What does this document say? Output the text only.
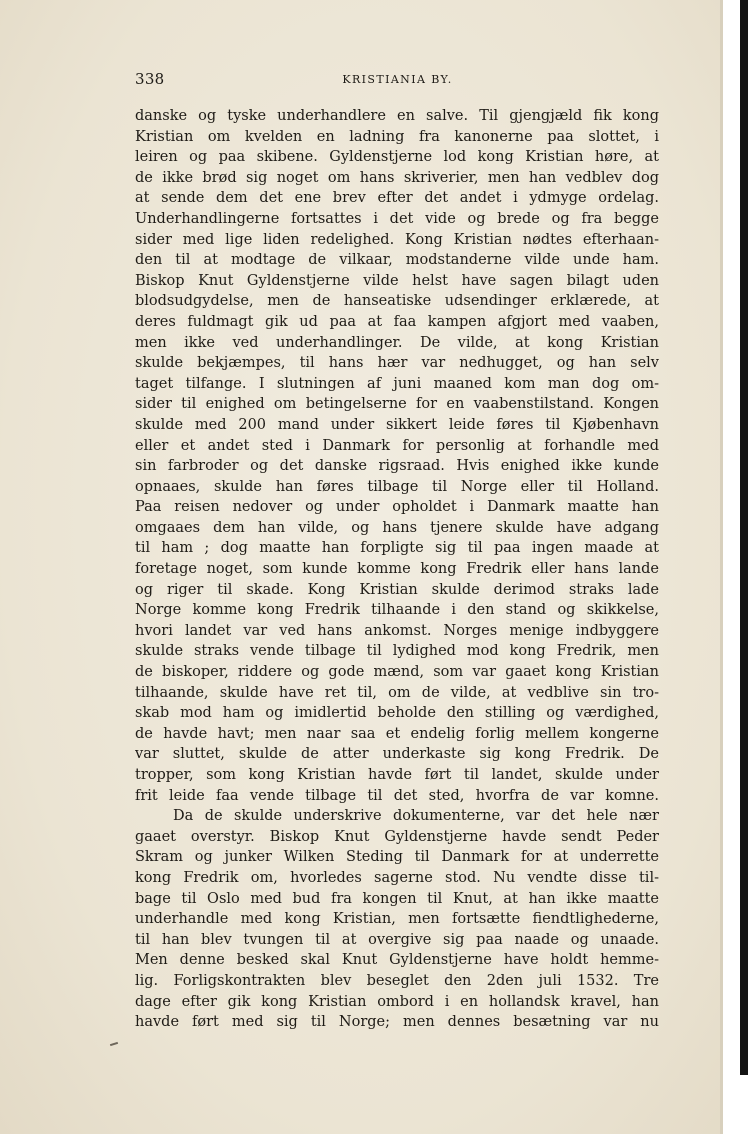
338	KRISTIANIA BY.
danske og tyske underhandlere en salve. Til gjengjæld fik kong
Kristian om kvelden en ladning fra kanonerne paa slottet, i
leiren og paa skibene. Gyldenstjerne lod kong Kristian høre, at
de ikke brød sig noget om hans skriverier, men han vedblev dog
at sende dem det ene brev efter det andet i ydmyge ordelag.
Underhandlingerne fortsattes i det vide og brede og fra begge
sider med lige liden redelighed. Kong Kristian nødtes efterhaan-
den til at modtage de vilkaar, modstanderne vilde unde ham.
Biskop Knut Gyldenstjerne vilde helst have sagen bilagt uden
blodsudgydelse, men de hanseatiske udsendinger erklærede, at
deres fuldmagt gik ud paa at faa kampen afgjort med vaaben,
men ikke ved underhandlinger. De vilde, at kong Kristian
skulde bekjæmpes, til hans hær var nedhugget, og han selv
taget tilfange. I slutningen af juni maaned kom man dog om-
sider til enighed om betingelserne for en vaabenstilstand. Kongen
skulde med 200 mand under sikkert leide føres til Kjøbenhavn
eller et andet sted i Danmark for personlig at forhandle med
sin farbroder og det danske rigsraad. Hvis enighed ikke kunde
opnaaes, skulde han føres tilbage til Norge eller til Holland.
Paa reisen nedover og under opholdet i Danmark maatte han
omgaaes dem han vilde, og hans tjenere skulde have adgang
til ham ; dog maatte han forpligte sig til paa ingen maade at
foretage noget, som kunde komme kong Fredrik eller hans lande
og riger til skade. Kong Kristian skulde derimod straks lade
Norge komme kong Fredrik tilhaande i den stand og skikkelse,
hvori landet var ved hans ankomst. Norges menige indbyggere
skulde straks vende tilbage til lydighed mod kong Fredrik, men
de biskoper, riddere og gode mænd, som var gaaet kong Kristian
tilhaande, skulde have ret til, om de vilde, at vedblive sin tro-
skab mod ham og imidlertid beholde den stilling og værdighed,
de havde havt; men naar saa et endelig forlig mellem kongerne
var sluttet, skulde de atter underkaste sig kong Fredrik. De
tropper, som kong Kristian havde ført til landet, skulde under
frit leide faa vende tilbage til det sted, hvorfra de var komne.
Da de skulde underskrive dokumenterne, var det hele nær
gaaet overstyr. Biskop Knut Gyldenstjerne havde sendt Peder
Skram og junker Wilken Steding til Danmark for at underrette
kong Fredrik om, hvorledes sagerne stod. Nu vendte disse til-
bage til Oslo med bud fra kongen til Knut, at han ikke maatte
underhandle med kong Kristian, men fortsætte fiendtlighederne,
til han blev tvungen til at overgive sig paa naade og unaade.
Men denne besked skal Knut Gyldenstjerne have holdt hemme-
lig. Forligskontrakten blev beseglet den 2den juli 1532. Tre
dage efter gik kong Kristian ombord i en hollandsk kravel, han
havde ført med sig til Norge; men dennes besætning var nu
